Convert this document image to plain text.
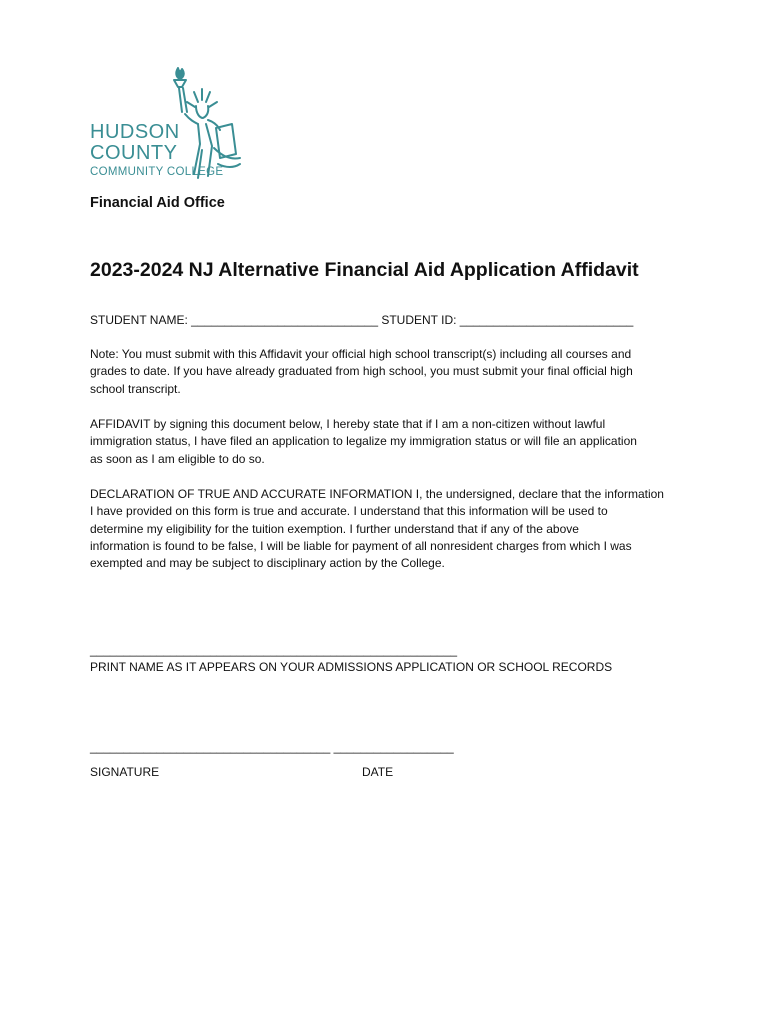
HUDSON
COUNTY
COMMUNITY COLLEGE
Financial Aid Office
2023-2024 NJ Alternative Financial Aid Application Affidavit
STUDENT NAME: ____________________________ STUDENT ID: __________________________

Note: You must submit with this Affidavit your official high school transcript(s) including all courses and

grades to date. If you have already graduated from high school, you must submit your final official high

school transcript.

AFFIDAVIT by signing this document below, I hereby state that if I am a non-citizen without lawful

immigration status, I have filed an application to legalize my immigration status or will file an application

as soon as I am eligible to do so.

DECLARATION OF TRUE AND ACCURATE INFORMATION I, the undersigned, declare that the information

I have provided on this form is true and accurate. I understand that this information will be used to

determine my eligibility for the tuition exemption. I further understand that if any of the above

information is found to be false, I will be liable for payment of all nonresident charges from which I was

exempted and may be subject to disciplinary action by the College.

_______________________________________________________
PRINT NAME AS IT APPEARS ON YOUR ADMISSIONS APPLICATION OR SCHOOL RECORDS
____________________________________ __________________
SIGNATURE	DATE
